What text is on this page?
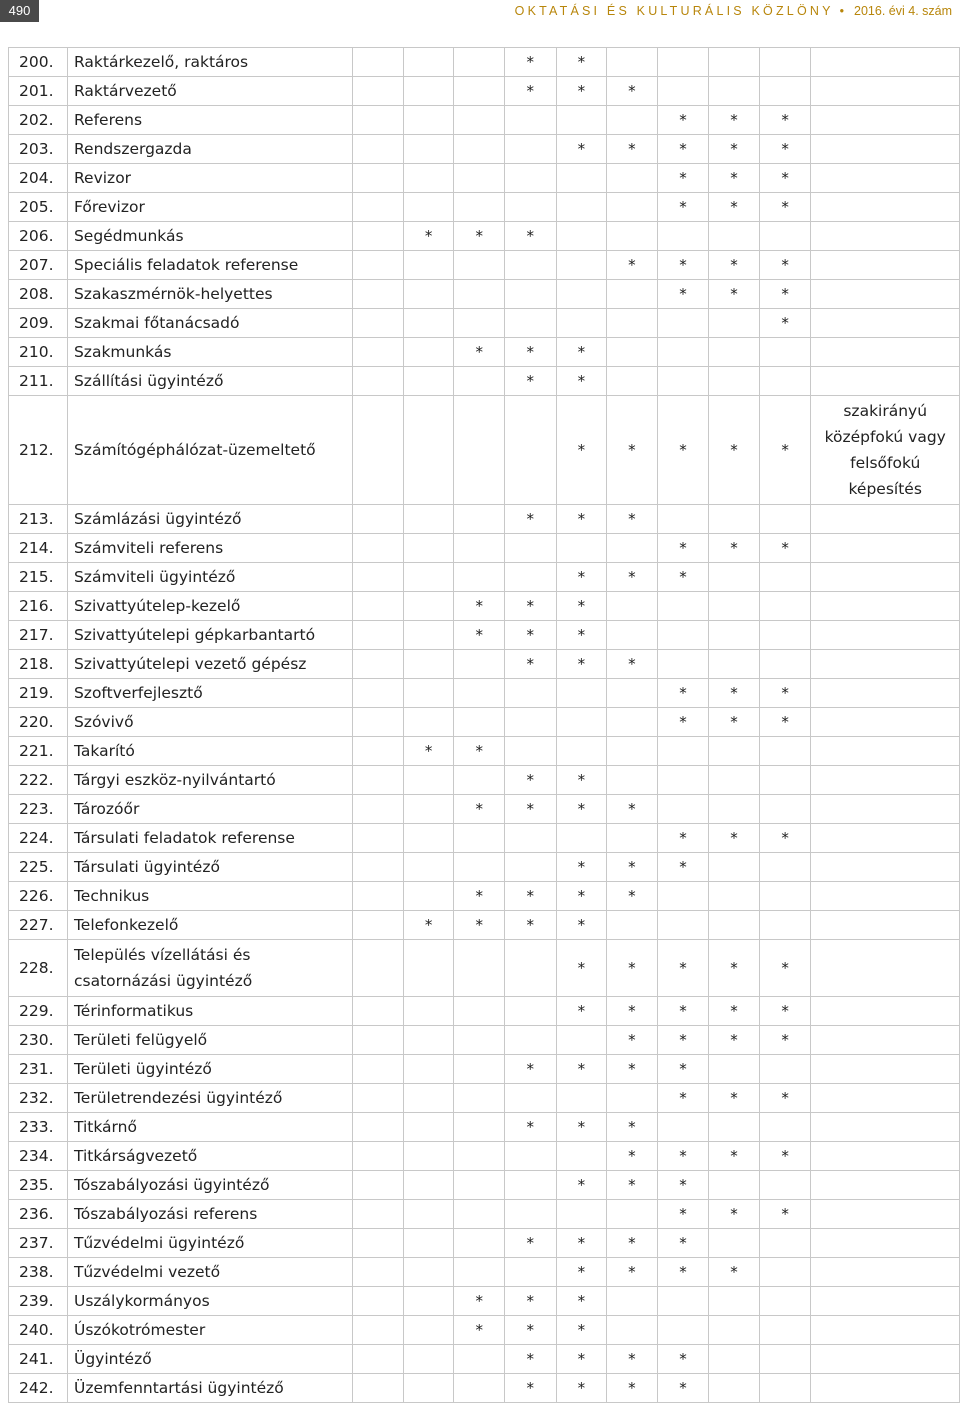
490	OKTATÁSI ÉS KULTURÁLIS KÖZLÖNY • 2016. évi 4. szám
200.	Raktárkezelő, raktáros				*	*					
201.	Raktárvezető				*	*	*				
202.	Referens							*	*	*	
203.	Rendszergazda					*	*	*	*	*	
204.	Revizor							*	*	*	
205.	Főrevizor							*	*	*	
206.	Segédmunkás		*	*	*						
207.	Speciális feladatok referense						*	*	*	*	
208.	Szakaszmérnök-helyettes							*	*	*	
209.	Szakmai főtanácsadó									*	
210.	Szakmunkás			*	*	*					
211.	Szállítási ügyintéző				*	*					
212.	Számítógéphálózat-üzemeltető					*	*	*	*	*	szakirányú középfokú vagy felsőfokú képesítés
213.	Számlázási ügyintéző				*	*	*				
214.	Számviteli referens							*	*	*	
215.	Számviteli ügyintéző					*	*	*			
216.	Szivattyútelep-kezelő			*	*	*					
217.	Szivattyútelepi gépkarbantartó			*	*	*					
218.	Szivattyútelepi vezető gépész				*	*	*				
219.	Szoftverfejlesztő							*	*	*	
220.	Szóvivő							*	*	*	
221.	Takarító		*	*							
222.	Tárgyi eszköz-nyilvántartó				*	*					
223.	Tározóőr			*	*	*	*				
224.	Társulati feladatok referense							*	*	*	
225.	Társulati ügyintéző					*	*	*			
226.	Technikus			*	*	*	*				
227.	Telefonkezelő		*	*	*	*					
228.	Település vízellátási és csatornázási ügyintéző					*	*	*	*	*	
229.	Térinformatikus					*	*	*	*	*	
230.	Területi felügyelő						*	*	*	*	
231.	Területi ügyintéző				*	*	*	*			
232.	Területrendezési ügyintéző							*	*	*	
233.	Titkárnő				*	*	*				
234.	Titkárságvezető						*	*	*	*	
235.	Tószabályozási ügyintéző					*	*	*			
236.	Tószabályozási referens							*	*	*	
237.	Tűzvédelmi ügyintéző				*	*	*	*			
238.	Tűzvédelmi vezető					*	*	*	*		
239.	Uszálykormányos			*	*	*					
240.	Úszókotrómester			*	*	*					
241.	Ügyintéző				*	*	*	*			
242.	Üzemfenntartási ügyintéző				*	*	*	*			
